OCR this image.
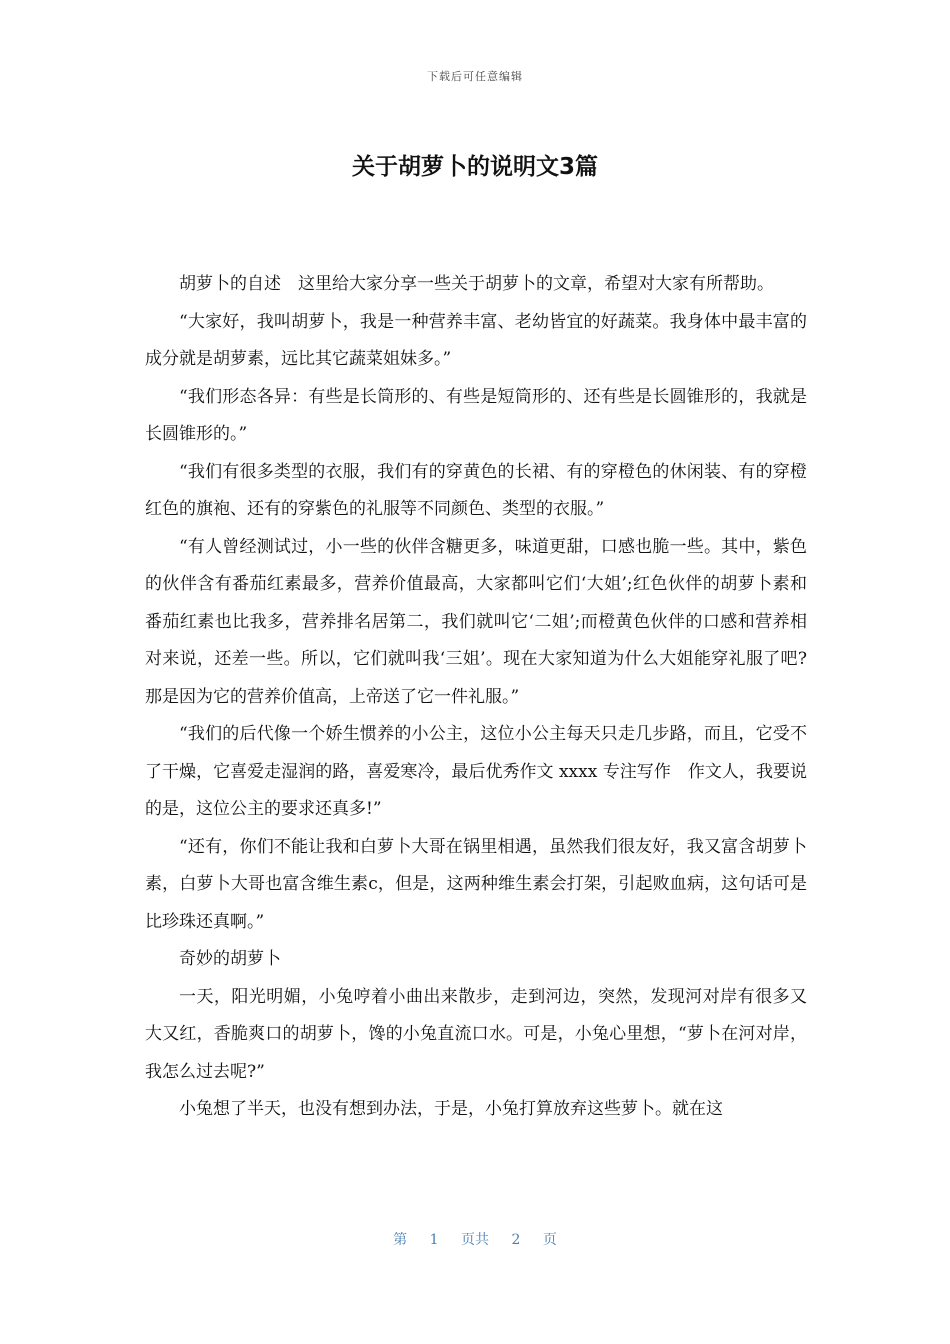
下载后可任意编辑
关于胡萝卜的说明文3篇

胡萝卜的自述　这里给大家分享一些关于胡萝卜的文章，希望对大家有所帮助。

“大家好，我叫胡萝卜，我是一种营养丰富、老幼皆宜的好蔬菜。我身体中最丰富的成分就是胡萝素，远比其它蔬菜姐妹多。”

“我们形态各异：有些是长筒形的、有些是短筒形的、还有些是长圆锥形的，我就是长圆锥形的。”

“我们有很多类型的衣服，我们有的穿黄色的长裙、有的穿橙色的休闲装、有的穿橙红色的旗袍、还有的穿紫色的礼服等不同颜色、类型的衣服。”

“有人曾经测试过，小一些的伙伴含糖更多，味道更甜，口感也脆一些。其中，紫色的伙伴含有番茄红素最多，营养价值最高，大家都叫它们‘大姐’;红色伙伴的胡萝卜素和番茄红素也比我多，营养排名居第二，我们就叫它‘二姐’;而橙黄色伙伴的口感和营养相对来说，还差一些。所以，它们就叫我‘三姐’。现在大家知道为什么大姐能穿礼服了吧?那是因为它的营养价值高，上帝送了它一件礼服。”

“我们的后代像一个娇生惯养的小公主，这位小公主每天只走几步路，而且，它受不了干燥，它喜爱走湿润的路，喜爱寒冷，最后优秀作文 xxxx 专注写作　作文人，我要说的是，这位公主的要求还真多!”

“还有，你们不能让我和白萝卜大哥在锅里相遇，虽然我们很友好，我又富含胡萝卜素，白萝卜大哥也富含维生素c，但是，这两种维生素会打架，引起败血病，这句话可是比珍珠还真啊。”

奇妙的胡萝卜

一天，阳光明媚，小兔哼着小曲出来散步，走到河边，突然，发现河对岸有很多又大又红，香脆爽口的胡萝卜，馋的小兔直流口水。可是，小兔心里想，“萝卜在河对岸，我怎么过去呢?”

小兔想了半天，也没有想到办法，于是，小兔打算放弃这些萝卜。就在这

第 1 页共 2 页
